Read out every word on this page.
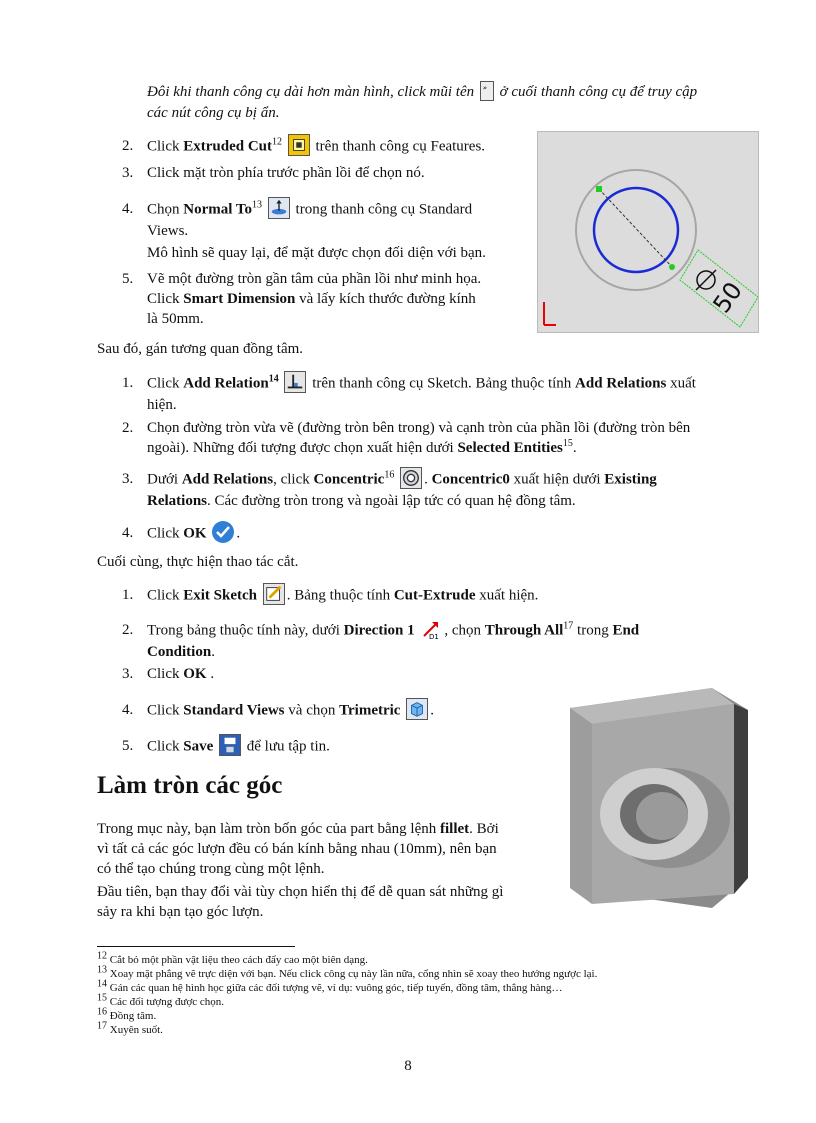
Đôi khi thanh công cụ dài hơn màn hình, click mũi tên » ở cuối thanh công cụ để truy cập
các nút công cụ bị ẩn.
50
2. Click Extruded Cut$^{12}$
trên thanh công cụ Features.
3. Click mặt tròn phía trước phần lồi để chọn nó.
4. Chọn Normal To$^{13}$
trong thanh công cụ Standard
Views.
Mô hình sẽ quay lại, để mặt được chọn đối diện với bạn.
5. Vẽ một đường tròn gần tâm của phần lồi như minh họa.
Click Smart Dimension và lấy kích thước đường kính
là 50mm.
Sau đó, gán tương quan đồng tâm.
1. Click Add Relation$^{14}$
trên thanh công cụ Sketch. Bảng thuộc tính Add Relations xuất
hiện.
2. Chọn đường tròn vừa vẽ (đường tròn bên trong) và cạnh tròn của phần lồi (đường tròn bên
ngoài). Những đối tượng được chọn xuất hiện dưới Selected Entities$^{15}$.
3. Dưới Add Relations, click Concentric$^{16}$ . Concentric0 xuất hiện dưới Existing
Relations. Các đường tròn trong và ngoài lập tức có quan hệ đồng tâm.
4. Click OK .
Cuối cùng, thực hiện thao tác cắt.
1. Click Exit Sketch . Bảng thuộc tính Cut-Extrude xuất hiện.
2. Trong bảng thuộc tính này, dưới Direction 1 D1 , chọn Through All$^{17}$ trong End
Condition.
3. Click OK .
4. Click Standard Views và chọn Trimetric .
5. Click Save
để lưu tập tin.
Làm tròn các góc
Trong mục này, bạn làm tròn bốn góc của part bằng lệnh fillet. Bởi
vì tất cả các góc lượn đều có bán kính bằng nhau (10mm), nên bạn
có thể tạo chúng trong cùng một lệnh.
Đầu tiên, bạn thay đổi vài tùy chọn hiển thị để dễ quan sát những gì
sảy ra khi bạn tạo góc lượn.
$^{12}$ Cắt bỏ một phần vật liệu theo cách đẩy cao một biên dạng.
$^{13}$ Xoay mặt phẳng vẽ trực diện với bạn. Nếu click công cụ này lần nữa, cổng nhìn sẽ xoay theo hướng ngược lại.
$^{14}$ Gán các quan hệ hình học giữa các đối tượng vẽ, ví dụ: vuông góc, tiếp tuyến, đồng tâm, thẳng hàng…
$^{15}$ Các đối tượng được chọn.
$^{16}$ Đồng tâm.
$^{17}$ Xuyên suốt.
8
